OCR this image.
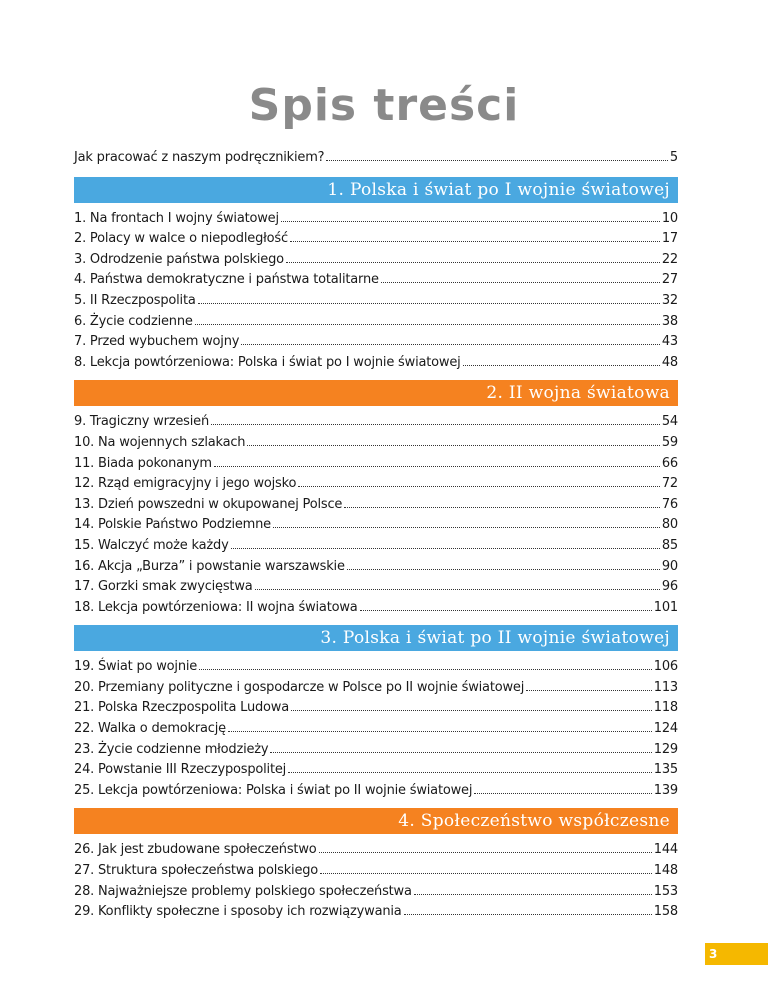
Spis treści
Jak pracować z naszym podręcznikiem?	5
1. Polska i świat po I wojnie światowej
1. Na frontach I wojny światowej	10
2. Polacy w walce o niepodległość	17
3. Odrodzenie państwa polskiego	22
4. Państwa demokratyczne i państwa totalitarne	27
5. II Rzeczpospolita	32
6. Życie codzienne	38
7. Przed wybuchem wojny	43
8. Lekcja powtórzeniowa: Polska i świat po I wojnie światowej	48
2. II wojna światowa
9. Tragiczny wrzesień	54
10. Na wojennych szlakach	59
11. Biada pokonanym	66
12. Rząd emigracyjny i jego wojsko	72
13. Dzień powszedni w okupowanej Polsce	76
14. Polskie Państwo Podziemne	80
15. Walczyć może każdy	85
16. Akcja „Burza” i powstanie warszawskie	90
17. Gorzki smak zwycięstwa	96
18. Lekcja powtórzeniowa: II wojna światowa	101
3. Polska i świat po II wojnie światowej
19. Świat po wojnie	106
20. Przemiany polityczne i gospodarcze w Polsce po II wojnie światowej	113
21. Polska Rzeczpospolita Ludowa	118
22. Walka o demokrację	124
23. Życie codzienne młodzieży	129
24. Powstanie III Rzeczypospolitej	135
25. Lekcja powtórzeniowa: Polska i świat po II wojnie światowej	139
4. Społeczeństwo współczesne
26. Jak jest zbudowane społeczeństwo	144
27. Struktura społeczeństwa polskiego	148
28. Najważniejsze problemy polskiego społeczeństwa	153
29. Konflikty społeczne i sposoby ich rozwiązywania	158
3
